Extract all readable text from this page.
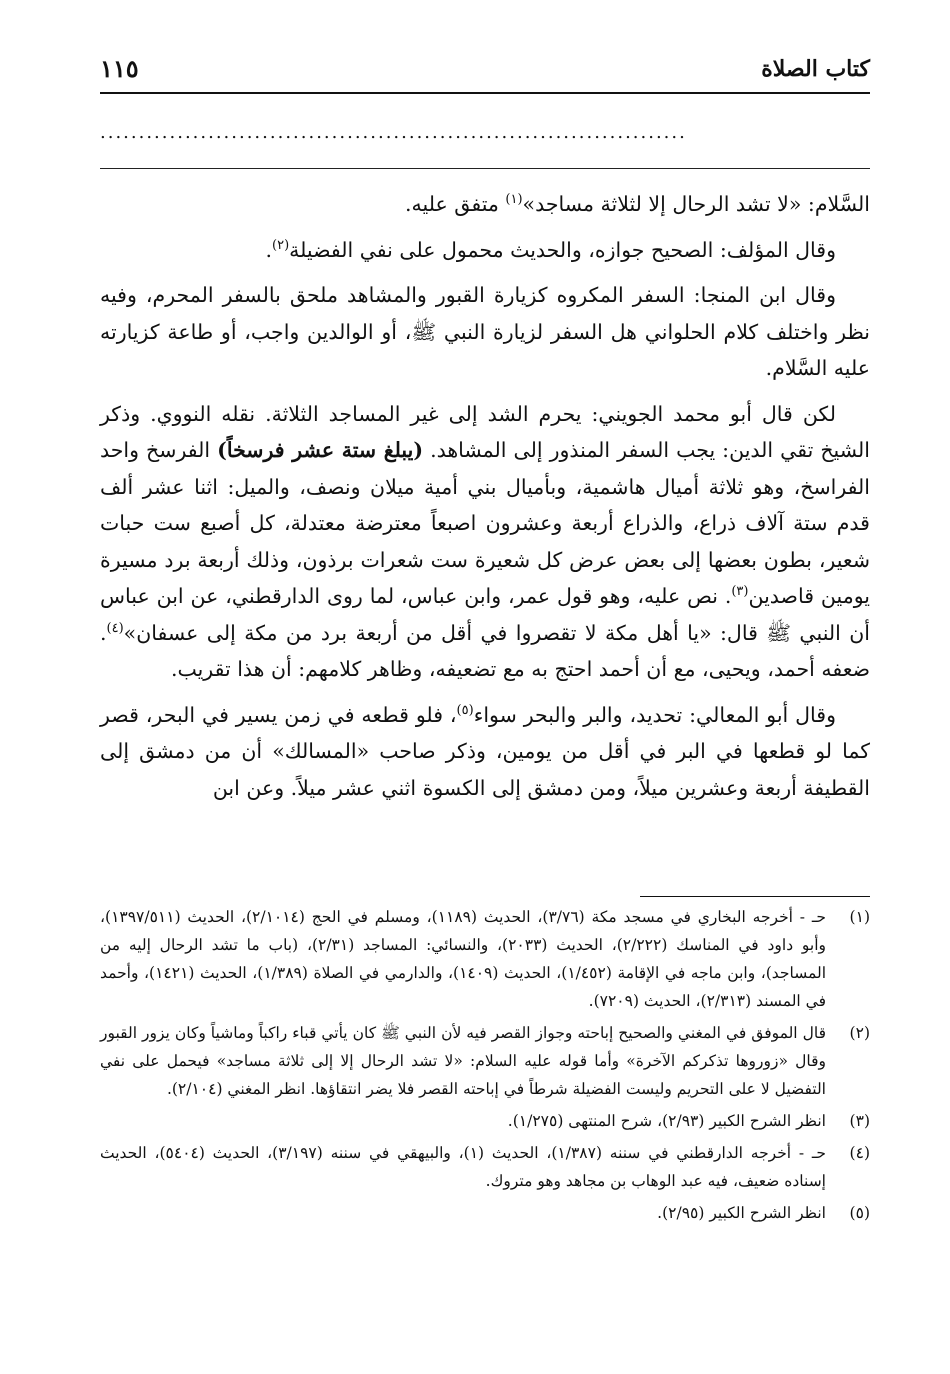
كتاب الصلاة
١١٥
............................................................................

السَّلام: «لا تشد الرحال إلا لثلاثة مساجد»$^{(١)}$ متفق عليه.

وقال المؤلف: الصحيح جوازه، والحديث محمول على نفي الفضيلة$^{(٢)}$.

وقال ابن المنجا: السفر المكروه كزيارة القبور والمشاهد ملحق بالسفر المحرم، وفيه نظر واختلف كلام الحلواني هل السفر لزيارة النبي ﷺ، أو الوالدين واجب، أو طاعة كزيارته عليه السَّلام.

لكن قال أبو محمد الجويني: يحرم الشد إلى غير المساجد الثلاثة. نقله النووي. وذكر الشيخ تقي الدين: يجب السفر المنذور إلى المشاهد. (يبلغ ستة عشر فرسخاً) الفرسخ واحد الفراسخ، وهو ثلاثة أميال هاشمية، وبأميال بني أمية ميلان ونصف، والميل: اثنا عشر ألف قدم ستة آلاف ذراع، والذراع أربعة وعشرون اصبعاً معترضة معتدلة، كل أصبع ست حبات شعير، بطون بعضها إلى بعض عرض كل شعيرة ست شعرات برذون، وذلك أربعة برد مسيرة يومين قاصدين$^{(٣)}$. نص عليه، وهو قول عمر، وابن عباس، لما روى الدارقطني، عن ابن عباس أن النبي ﷺ قال: «يا أهل مكة لا تقصروا في أقل من أربعة برد من مكة إلى عسفان»$^{(٤)}$. ضعفه أحمد، ويحيى، مع أن أحمد احتج به مع تضعيفه، وظاهر كلامهم: أن هذا تقريب.

وقال أبو المعالي: تحديد، والبر والبحر سواء$^{(٥)}$، فلو قطعه في زمن يسير في البحر، قصر كما لو قطعها في البر في أقل من يومين، وذكر صاحب «المسالك» أن من دمشق إلى القطيفة أربعة وعشرين ميلاً، ومن دمشق إلى الكسوة اثني عشر ميلاً. وعن ابن

(١)
حـ - أخرجه البخاري في مسجد مكة (٣/٧٦)، الحديث (١١٨٩)، ومسلم في الحج (٢/١٠١٤)، الحديث (١٣٩٧/٥١١)، وأبو داود في المناسك (٢/٢٢٢)، الحديث (٢٠٣٣)، والنسائي: المساجد (٢/٣١)، (باب ما تشد الرحال إليه من المساجد)، وابن ماجه في الإقامة (١/٤٥٢)، الحديث (١٤٠٩)، والدارمي في الصلاة (١/٣٨٩)، الحديث (١٤٢١)، وأحمد في المسند (٢/٣١٣)، الحديث (٧٢٠٩).
(٢)
قال الموفق في المغني والصحيح إباحته وجواز القصر فيه لأن النبي ﷺ كان يأتي قباء راكباً وماشياً وكان يزور القبور وقال «زوروها تذكركم الآخرة» وأما قوله عليه السلام: «لا تشد الرحال إلا إلى ثلاثة مساجد» فيحمل على نفي التفضيل لا على التحريم وليست الفضيلة شرطاً في إباحته القصر فلا يضر انتقاؤها. انظر المغني (٢/١٠٤).
(٣)
انظر الشرح الكبير (٢/٩٣)، شرح المنتهى (١/٢٧٥).
(٤)
حـ - أخرجه الدارقطني في سننه (١/٣٨٧)، الحديث (١)، والبيهقي في سننه (٣/١٩٧)، الحديث (٥٤٠٤)، الحديث إسناده ضعيف، فيه عبد الوهاب بن مجاهد وهو متروك.
(٥)
انظر الشرح الكبير (٢/٩٥).
